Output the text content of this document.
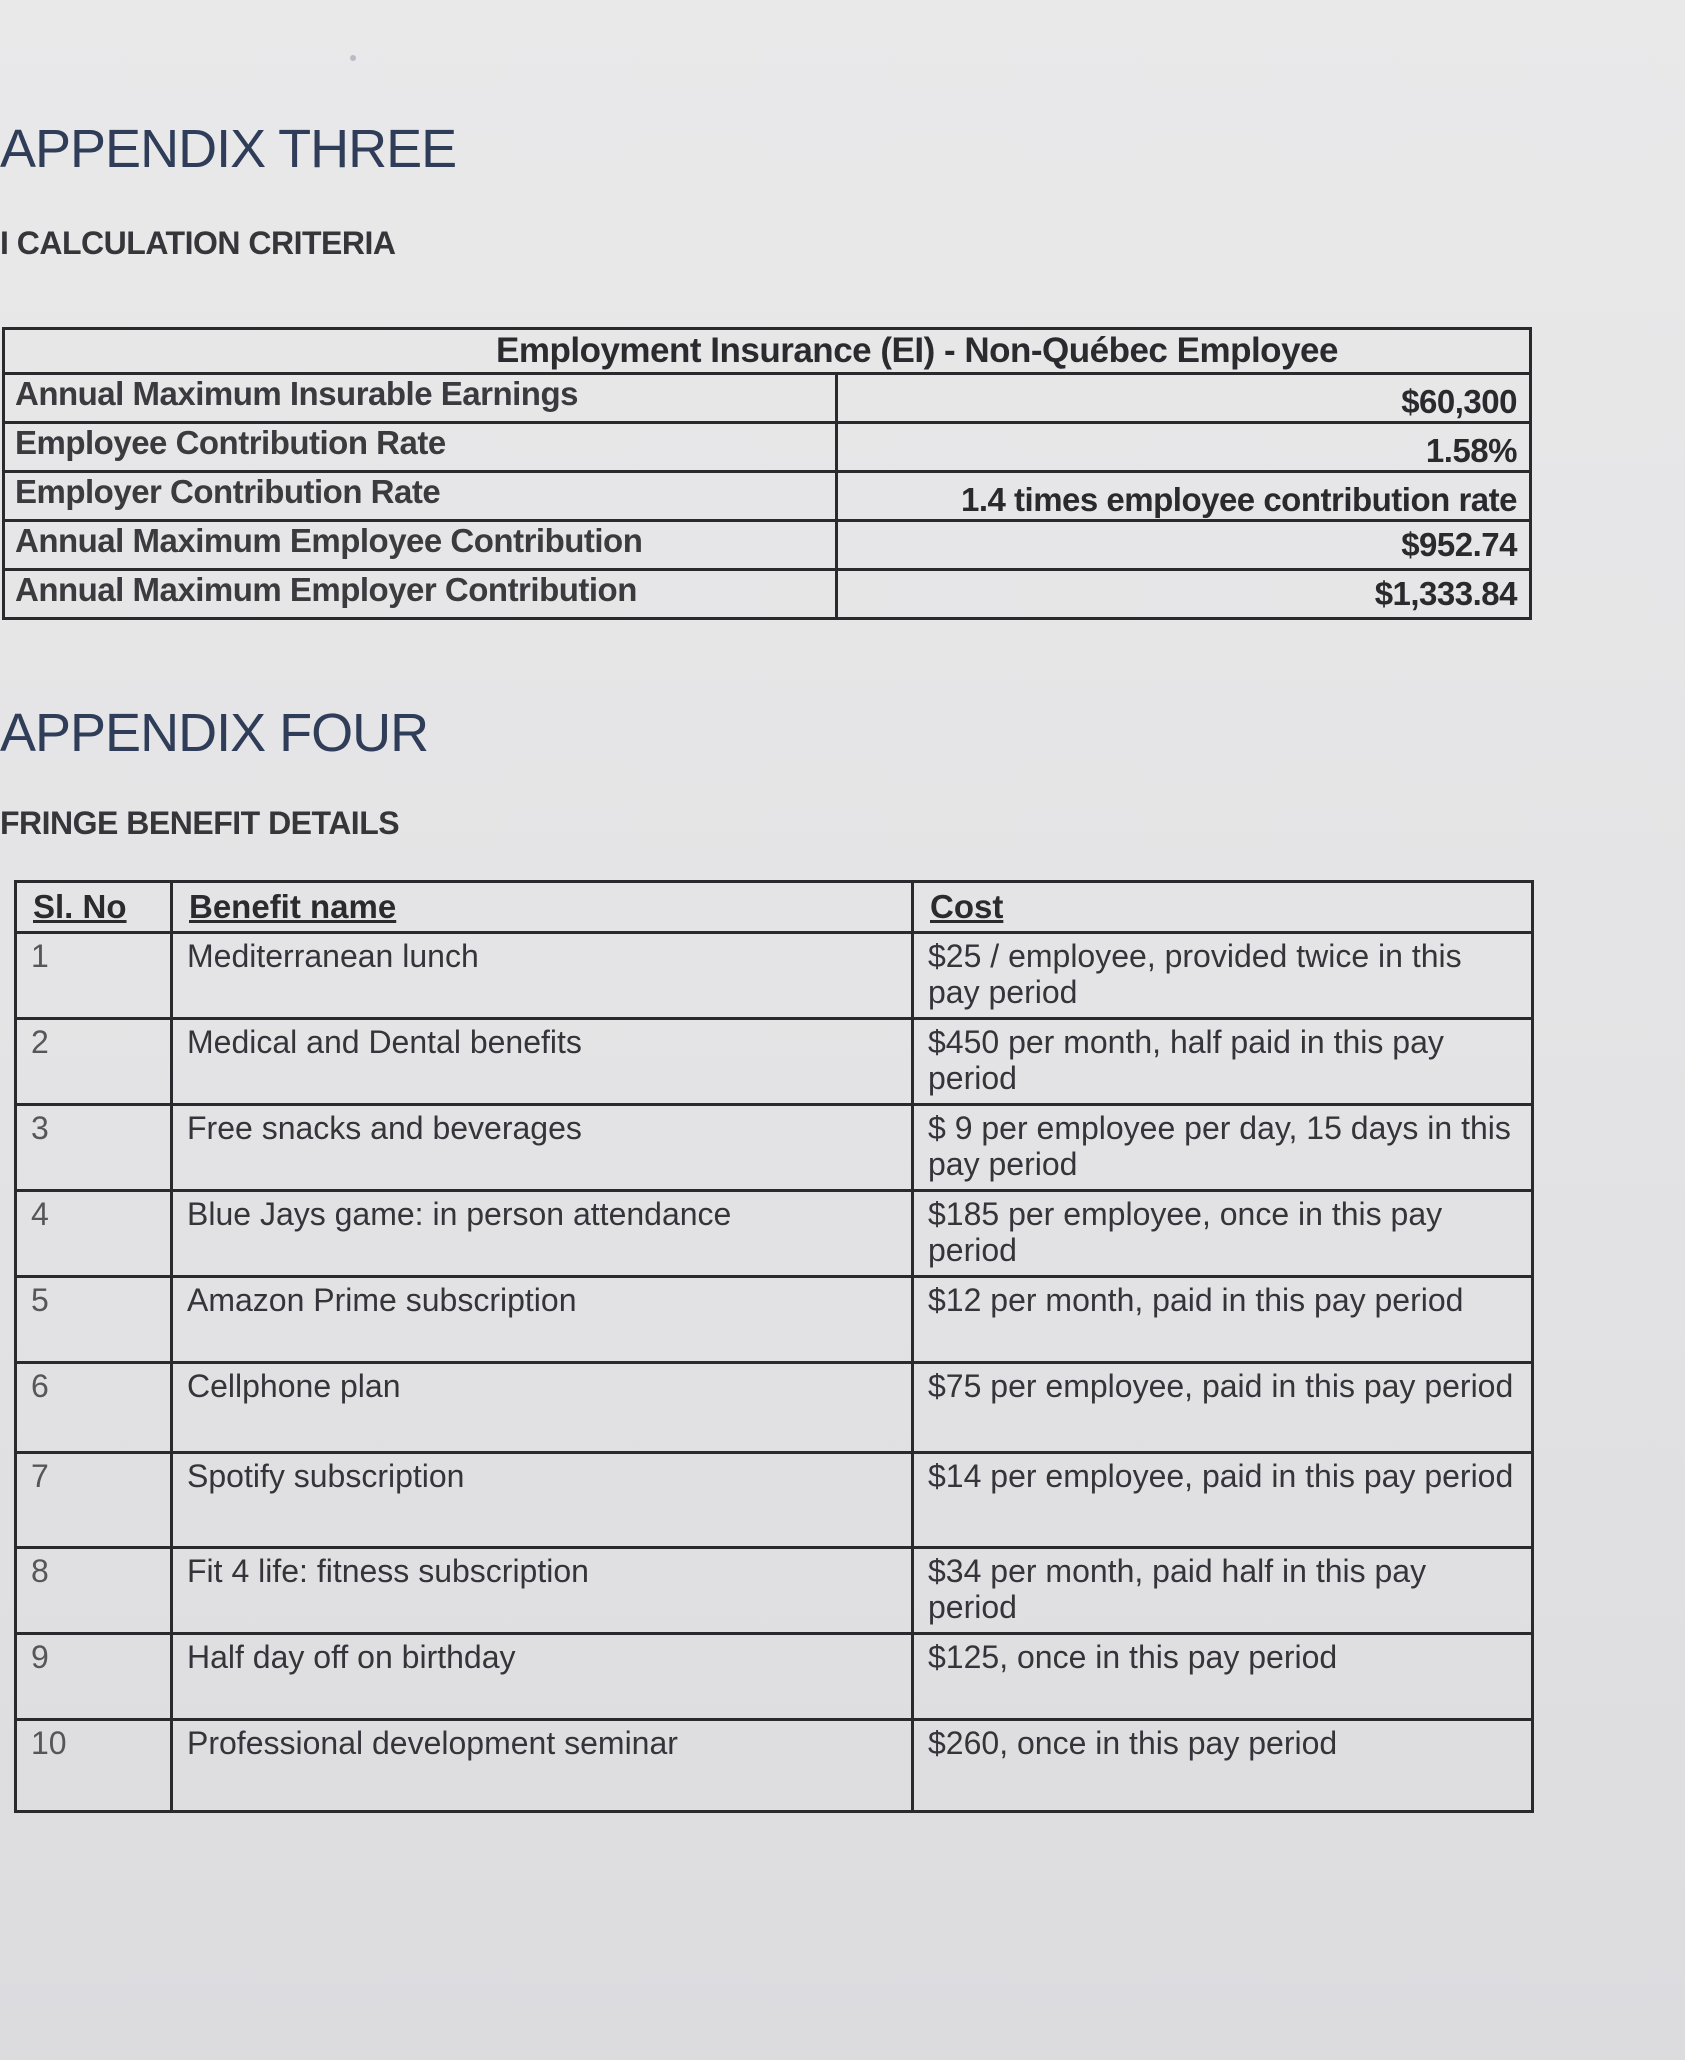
APPENDIX THREE
I CALCULATION CRITERIA
Employment Insurance (EI) - Non-Québec Employee	
Annual Maximum Insurable Earnings	$60,300
Employee Contribution Rate	1.58%
Employer Contribution Rate	1.4 times employee contribution rate
Annual Maximum Employee Contribution	$952.74
Annual Maximum Employer Contribution	$1,333.84
APPENDIX FOUR
FRINGE BENEFIT DETAILS
Sl. No	Benefit name	Cost
1	Mediterranean lunch	$25 / employee, provided twice in this pay period
2	Medical and Dental benefits	$450 per month, half paid in this pay period
3	Free snacks and beverages	$ 9 per employee per day, 15 days in this pay period
4	Blue Jays game: in person attendance	$185 per employee, once in this pay period
5	Amazon Prime subscription	$12 per month, paid in this pay period
6	Cellphone plan	$75 per employee, paid in this pay period
7	Spotify subscription	$14 per employee, paid in this pay period
8	Fit 4 life: fitness subscription	$34 per month, paid half in this pay period
9	Half day off on birthday	$125, once in this pay period
10	Professional development seminar	$260, once in this pay period
